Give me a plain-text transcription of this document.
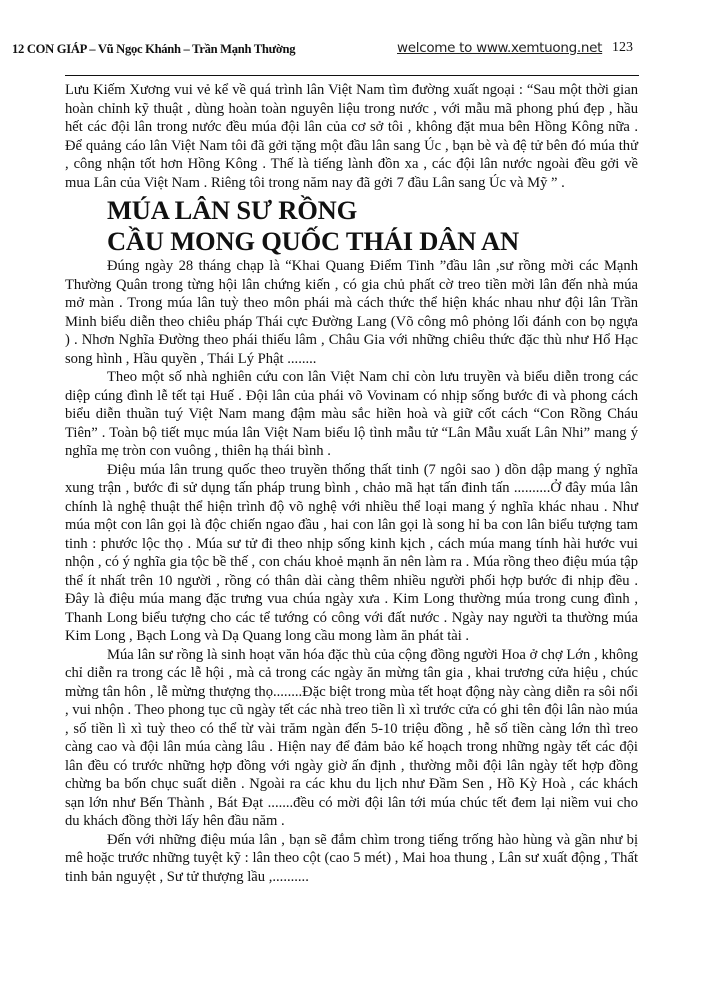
12 CON GIÁP – Vũ Ngọc Khánh – Trần Mạnh Thường	welcome to www.xemtuong.net 123

Lưu Kiếm Xương vui vẻ kể về quá trình lân Việt Nam tìm đường xuất ngoại : “Sau một thời gian hoàn chỉnh kỹ thuật , dùng hoàn toàn nguyên liệu trong nước , với mẫu mã phong phú đẹp , hầu hết các đội lân trong nước đều múa đội lân của cơ sở tôi , không đặt mua bên Hồng Kông nữa . Để quảng cáo lân Việt Nam tôi đã gởi tặng một đầu lân sang Úc , bạn bè và đệ tử bên đó múa thử , công nhận tốt hơn Hồng Kông . Thế là tiếng lành đồn xa , các đội lân nước ngoài đều gởi về mua Lân của Việt Nam . Riêng tôi trong năm nay đã gởi 7 đầu Lân sang Úc và Mỹ ” .

MÚA LÂN SƯ RỒNG
CẦU MONG QUỐC THÁI DÂN AN

Đúng ngày 28 tháng chạp là “Khai Quang Điểm Tinh ”đầu lân ,sư rồng mời các Mạnh Thường Quân trong từng hội lân chứng kiến , có gia chủ phất cờ treo tiền mời lân đến nhà múa mở màn . Trong múa lân tuỳ theo môn phái mà cách thức thể hiện khác nhau như đội lân Trần Minh biểu diễn theo chiêu pháp Thái cực Đường Lang (Võ công mô phỏng lối đánh con bọ ngựa ) . Nhơn Nghĩa Đường theo phái thiếu lâm , Châu Gia với những chiêu thức đặc thù như Hổ Hạc song hình , Hầu quyền , Thái Lý Phật ........

Theo một số nhà nghiên cứu con lân Việt Nam chỉ còn lưu truyền và biểu diễn trong các diệp cúng đình lễ tết tại Huế . Đội lân của phái võ Vovinam có nhịp sống bước đi và phong cách biểu diễn thuần tuý Việt Nam mang đậm màu sắc hiền hoà và giữ cốt cách “Con Rồng Cháu Tiên” . Toàn bộ tiết mục múa lân Việt Nam biểu lộ tình mẫu tử “Lân Mẫu xuất Lân Nhi” mang ý nghĩa mẹ tròn con vuông , thiên hạ thái bình .

Điệu múa lân trung quốc theo truyền thống thất tinh (7 ngôi sao ) dồn dập mang ý nghĩa xung trận , bước đi sử dụng tấn pháp trung bình , chảo mã hạt tấn đinh tấn ..........Ở đây múa lân chính là nghệ thuật thể hiện trình độ võ nghệ với nhiều thể loại mang ý nghĩa khác nhau . Như múa một con lân gọi là độc chiến ngao đầu , hai con lân gọi là song hỉ ba con lân biểu tượng tam tinh : phước lộc thọ . Múa sư tử đi theo nhịp sống kinh kịch , cách múa mang tính hài hước vui nhộn , có ý nghĩa gia tộc bề thế , con cháu khoẻ mạnh ăn nên làm ra . Múa rồng theo điệu múa tập thể ít nhất trên 10 người , rồng có thân dài càng thêm nhiều người phối hợp bước đi nhịp đều . Đây là điệu múa mang đặc trưng vua chúa ngày xưa . Kim Long thường múa trong cung đình , Thanh Long biểu tượng cho các tể tướng có công với đất nước . Ngày nay người ta thường múa Kim Long , Bạch Long và Dạ Quang long cầu mong làm ăn phát tài .

Múa lân sư rồng là sinh hoạt văn hóa đặc thù của cộng đồng người Hoa ở chợ Lớn , không chỉ diễn ra trong các lễ hội , mà cả trong các ngày ăn mừng tân gia , khai trương cửa hiệu , chúc mừng tân hôn , lễ mừng thượng thọ........Đặc biệt trong mùa tết hoạt động này càng diễn ra sôi nổi , vui nhộn . Theo phong tục cũ ngày tết các nhà treo tiền lì xì trước cửa có ghi tên đội lân nào múa , số tiền lì xì tuỳ theo có thể từ vài trăm ngàn đến 5-10 triệu đồng , hễ số tiền càng lớn thì treo càng cao và đội lân múa càng lâu . Hiện nay để đảm bảo kế hoạch trong những ngày tết các đội lân đều có trước những hợp đồng với ngày giờ ấn định , thường mỗi đội lân ngày tết hợp đồng chừng ba bốn chục suất diễn . Ngoài ra các khu du lịch như Đầm Sen , Hồ Kỳ Hoà , các khách sạn lớn như Bến Thành , Bát Đạt .......đều có mời đội lân tới múa chúc tết đem lại niềm vui cho du khách đồng thời lấy hên đầu năm .

Đến với những điệu múa lân , bạn sẽ đắm chìm trong tiếng trống hào hùng và gần như bị mê hoặc trước những tuyệt kỹ : lân theo cột (cao 5 mét) , Mai hoa thung , Lân sư xuất động , Thất tinh bản nguyệt , Sư tử thượng lầu ,..........
